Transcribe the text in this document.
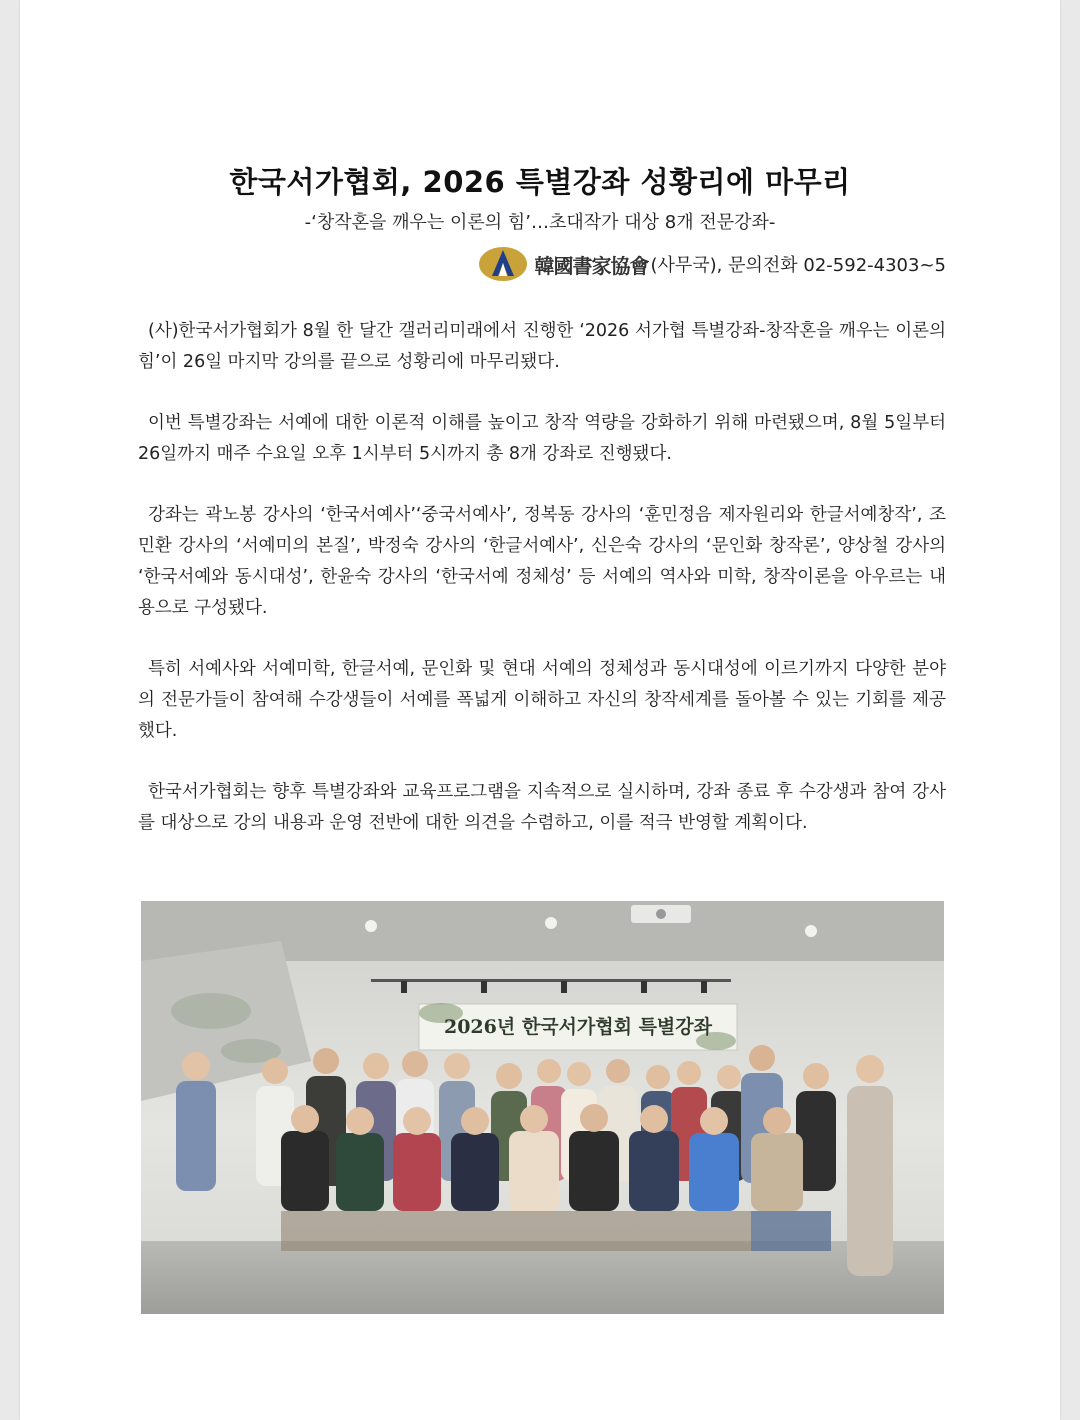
한국서가협회, 2026 특별강좌 성황리에 마무리
-‘창작혼을 깨우는 이론의 힘’…초대작가 대상 8개 전문강좌-
韓國書家協會 (사무국), 문의전화 02-592-4303~5

(사)한국서가협회가 8월 한 달간 갤러리미래에서 진행한 ‘2026 서가협 특별강좌-창작혼을 깨우는 이론의 힘’이 26일 마지막 강의를 끝으로 성황리에 마무리됐다.

이번 특별강좌는 서예에 대한 이론적 이해를 높이고 창작 역량을 강화하기 위해 마련됐으며, 8월 5일부터 26일까지 매주 수요일 오후 1시부터 5시까지 총 8개 강좌로 진행됐다.

강좌는 곽노봉 강사의 ‘한국서예사’‘중국서예사’, 정복동 강사의 ‘훈민정음 제자원리와 한글서예창작’, 조민환 강사의 ‘서예미의 본질’, 박정숙 강사의 ‘한글서예사’, 신은숙 강사의 ‘문인화 창작론’, 양상철 강사의 ‘한국서예와 동시대성’, 한윤숙 강사의 ‘한국서예 정체성’ 등 서예의 역사와 미학, 창작이론을 아우르는 내용으로 구성됐다.

특히 서예사와 서예미학, 한글서예, 문인화 및 현대 서예의 정체성과 동시대성에 이르기까지 다양한 분야의 전문가들이 참여해 수강생들이 서예를 폭넓게 이해하고 자신의 창작세계를 돌아볼 수 있는 기회를 제공했다.

한국서가협회는 향후 특별강좌와 교육프로그램을 지속적으로 실시하며, 강좌 종료 후 수강생과 참여 강사를 대상으로 강의 내용과 운영 전반에 대한 의견을 수렴하고, 이를 적극 반영할 계획이다.

2026년 한국서가협회 특별강좌
